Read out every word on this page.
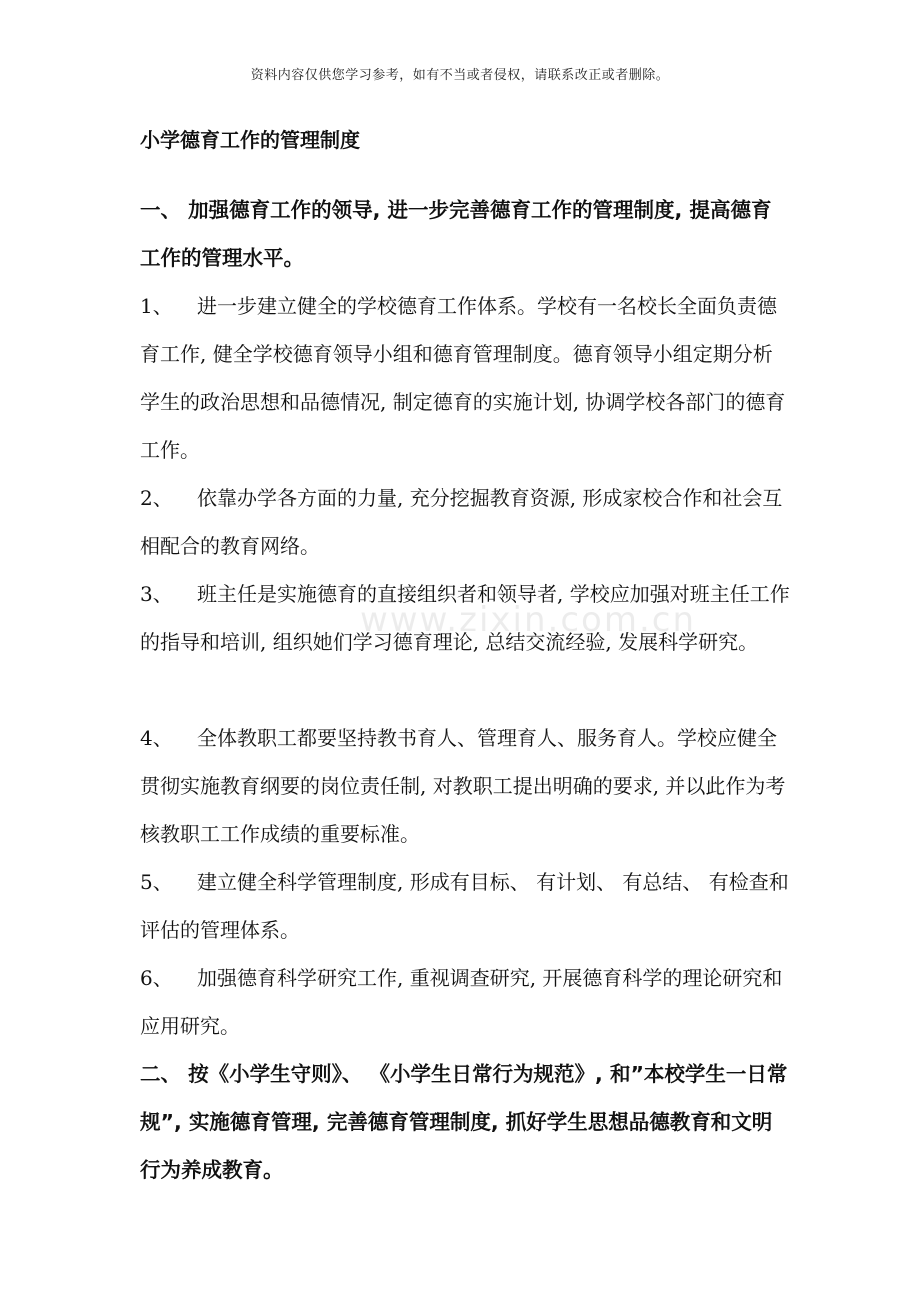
资料内容仅供您学习参考，如有不当或者侵权，请联系改正或者删除。
小学德育工作的管理制度
www.zixin.com.cn
一、 加强德育工作的领导, 进一步完善德育工作的管理制度, 提高德育工作的管理水平。
1、 进一步建立健全的学校德育工作体系。学校有一名校长全面负责德育工作, 健全学校德育领导小组和德育管理制度。德育领导小组定期分析学生的政治思想和品德情况, 制定德育的实施计划, 协调学校各部门的德育工作。
2、 依靠办学各方面的力量, 充分挖掘教育资源, 形成家校合作和社会互相配合的教育网络。
3、 班主任是实施德育的直接组织者和领导者, 学校应加强对班主任工作的指导和培训, 组织她们学习德育理论, 总结交流经验, 发展科学研究。
4、 全体教职工都要坚持教书育人、管理育人、服务育人。学校应健全贯彻实施教育纲要的岗位责任制, 对教职工提出明确的要求, 并以此作为考核教职工工作成绩的重要标准。
5、 建立健全科学管理制度, 形成有目标、 有计划、 有总结、 有检查和评估的管理体系。
6、 加强德育科学研究工作, 重视调查研究, 开展德育科学的理论研究和应用研究。
二、 按《小学生守则》、 《小学生日常行为规范》, 和”本校学生一日常规”, 实施德育管理, 完善德育管理制度, 抓好学生思想品德教育和文明行为养成教育。
